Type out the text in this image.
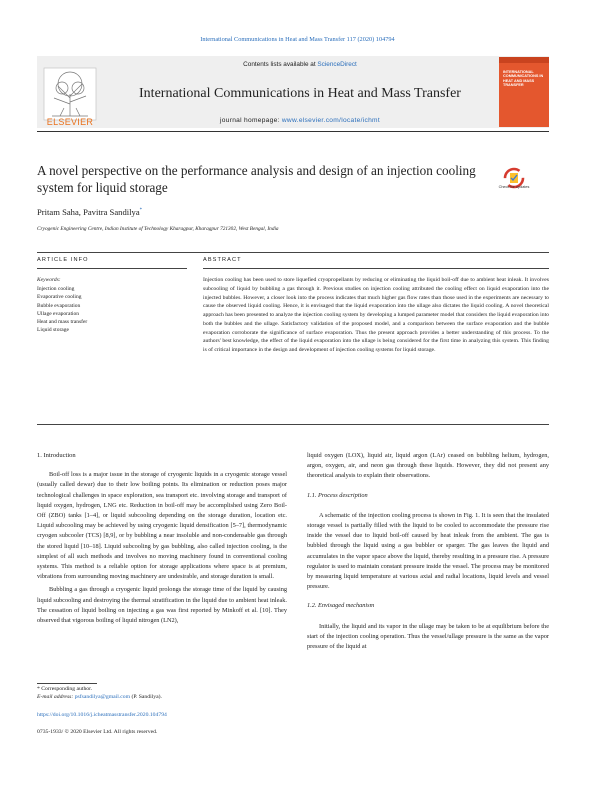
International Communications in Heat and Mass Transfer 117 (2020) 104794
ELSEVIER
Contents lists available at ScienceDirect
International Communications in Heat and Mass Transfer
journal homepage: www.elsevier.com/locate/ichmt
INTERNATIONAL COMMUNICATIONS IN HEAT AND MASS TRANSFER
A novel perspective on the performance analysis and design of an injection cooling system for liquid storage	Check for updates
Pritam Saha, Pavitra Sandilya*
Cryogenic Engineering Centre, Indian Institute of Technology Kharagpur, Kharagpur 721302, West Bengal, India
ARTICLE INFO	ABSTRACT
Keywords:
Injection cooling
Evaporative cooling
Bubble evaporation
Ullage evaporation
Heat and mass transfer
Liquid storage
Injection cooling has been used to store liquefied cryopropellants by reducing or eliminating the liquid boil-off due to ambient heat inleak. It involves subcooling of liquid by bubbling a gas through it. Previous studies on injection cooling attributed the cooling effect on liquid evaporation into the injected bubbles. However, a closer look into the process indicates that much higher gas flow rates than those used in the experiments are necessary to cause the observed liquid cooling. Hence, it is envisaged that the liquid evaporation into the ullage also dictates the liquid cooling. A novel theoretical approach has been presented to analyze the injection cooling system by developing a lumped parameter model that considers the liquid evaporation into both the bubbles and the ullage. Satisfactory validation of the proposed model, and a comparison between the surface evaporation and the bubble evaporation corroborate the significance of surface evaporation. Thus the present approach provides a better understanding of this process. To the authors' best knowledge, the effect of the liquid evaporation into the ullage is being considered for the first time in analyzing this system. This finding is of critical importance in the design and development of injection cooling systems for liquid storage.
1. Introduction

Boil-off loss is a major issue in the storage of cryogenic liquids in a cryogenic storage vessel (usually called dewar) due to their low boiling points. Its elimination or reduction poses major technological challenges in space exploration, sea transport etc. involving storage and transport of liquid oxygen, hydrogen, LNG etc. Reduction in boil-off may be accomplished using Zero Boil-Off (ZBO) tanks [1–4], or liquid subcooling depending on the storage duration, location etc. Liquid subcooling may be achieved by using cryogenic liquid densification [5–7], thermodynamic cryogen subcooler (TCS) [8,9], or by bubbling a near insoluble and non-condensable gas through the stored liquid [10–18]. Liquid subcooling by gas bubbling, also called injection cooling, is the simplest of all such methods and involves no moving machinery found in conventional cooling systems. This method is a reliable option for storage applications where space is at premium, vibrations from surrounding moving machinery are undesirable, and storage duration is small.

Bubbling a gas through a cryogenic liquid prolongs the storage time of the liquid by causing liquid subcooling and destroying the thermal stratification in the liquid due to ambient heat inleak. The cessation of liquid boiling on injecting a gas was first reported by Minkoff et al. [10]. They observed that vigorous boiling of liquid nitrogen (LN2),

liquid oxygen (LOX), liquid air, liquid argon (LAr) ceased on bubbling helium, hydrogen, argon, oxygen, air, and neon gas through these liquids. However, they did not present any theoretical analysis to explain their observations.

1.1. Process description

A schematic of the injection cooling process is shown in Fig. 1. It is seen that the insulated storage vessel is partially filled with the liquid to be cooled to accommodate the pressure rise inside the vessel due to liquid boil-off caused by heat inleak from the ambient. The gas is bubbled through the liquid using a gas bubbler or sparger. The gas leaves the liquid and accumulates in the vapor space above the liquid, thereby resulting in a pressure rise. A pressure regulator is used to maintain constant pressure inside the vessel. The process may be monitored by measuring liquid temperature at various axial and radial locations, liquid levels and vessel pressure.

1.2. Envisaged mechanism

Initially, the liquid and its vapor in the ullage may be taken to be at equilibrium before the start of the injection cooling operation. Thus the vessel/ullage pressure is the same as the vapor pressure of the liquid at

* Corresponding author.
E-mail address: psfsandilya@gmail.com (P. Sandilya).
https://doi.org/10.1016/j.icheatmasstransfer.2020.104794
0735-1933/ © 2020 Elsevier Ltd. All rights reserved.
